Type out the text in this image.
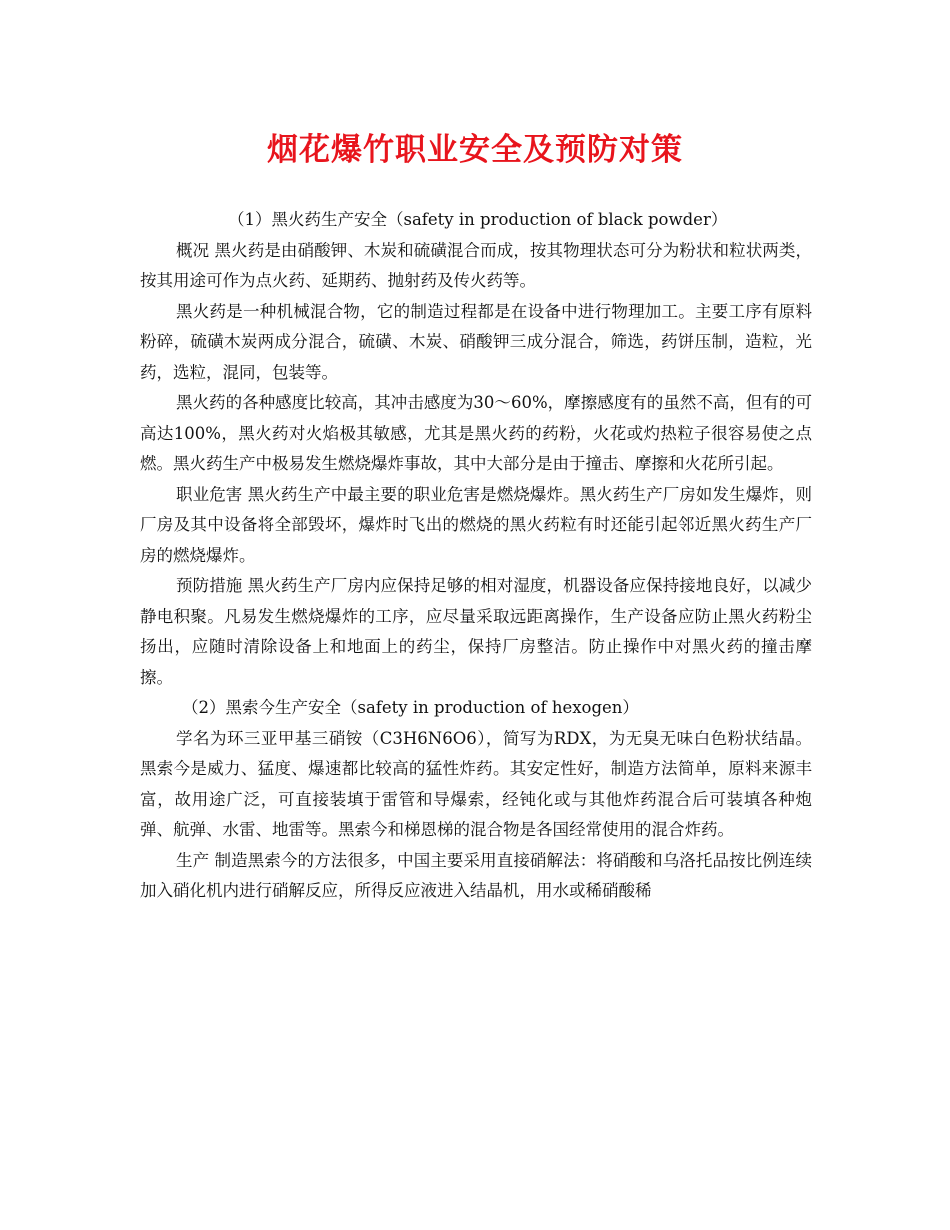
烟花爆竹职业安全及预防对策

（1）黑火药生产安全（safety in production of black powder）

概况 黑火药是由硝酸钾、木炭和硫磺混合而成，按其物理状态可分为粉状和粒状两类，按其用途可作为点火药、延期药、抛射药及传火药等。

黑火药是一种机械混合物，它的制造过程都是在设备中进行物理加工。主要工序有原料粉碎，硫磺木炭两成分混合，硫磺、木炭、硝酸钾三成分混合，筛选，药饼压制，造粒，光药，选粒，混同，包装等。

黑火药的各种感度比较高，其冲击感度为30～60%，摩擦感度有的虽然不高，但有的可高达100%，黑火药对火焰极其敏感，尤其是黑火药的药粉，火花或灼热粒子很容易使之点燃。黑火药生产中极易发生燃烧爆炸事故，其中大部分是由于撞击、摩擦和火花所引起。

职业危害 黑火药生产中最主要的职业危害是燃烧爆炸。黑火药生产厂房如发生爆炸，则厂房及其中设备将全部毁坏，爆炸时飞出的燃烧的黑火药粒有时还能引起邻近黑火药生产厂房的燃烧爆炸。

预防措施 黑火药生产厂房内应保持足够的相对湿度，机器设备应保持接地良好，以减少静电积聚。凡易发生燃烧爆炸的工序，应尽量采取远距离操作，生产设备应防止黑火药粉尘扬出，应随时清除设备上和地面上的药尘，保持厂房整洁。防止操作中对黑火药的撞击摩擦。

（2）黑索今生产安全（safety in production of hexogen）

学名为环三亚甲基三硝铵（C3H6N6O6），简写为RDX，为无臭无味白色粉状结晶。黑索今是威力、猛度、爆速都比较高的猛性炸药。其安定性好，制造方法简单，原料来源丰富，故用途广泛，可直接装填于雷管和导爆索，经钝化或与其他炸药混合后可装填各种炮弹、航弹、水雷、地雷等。黑索今和梯恩梯的混合物是各国经常使用的混合炸药。

生产 制造黑索今的方法很多，中国主要采用直接硝解法：将硝酸和乌洛托品按比例连续加入硝化机内进行硝解反应，所得反应液进入结晶机，用水或稀硝酸稀
